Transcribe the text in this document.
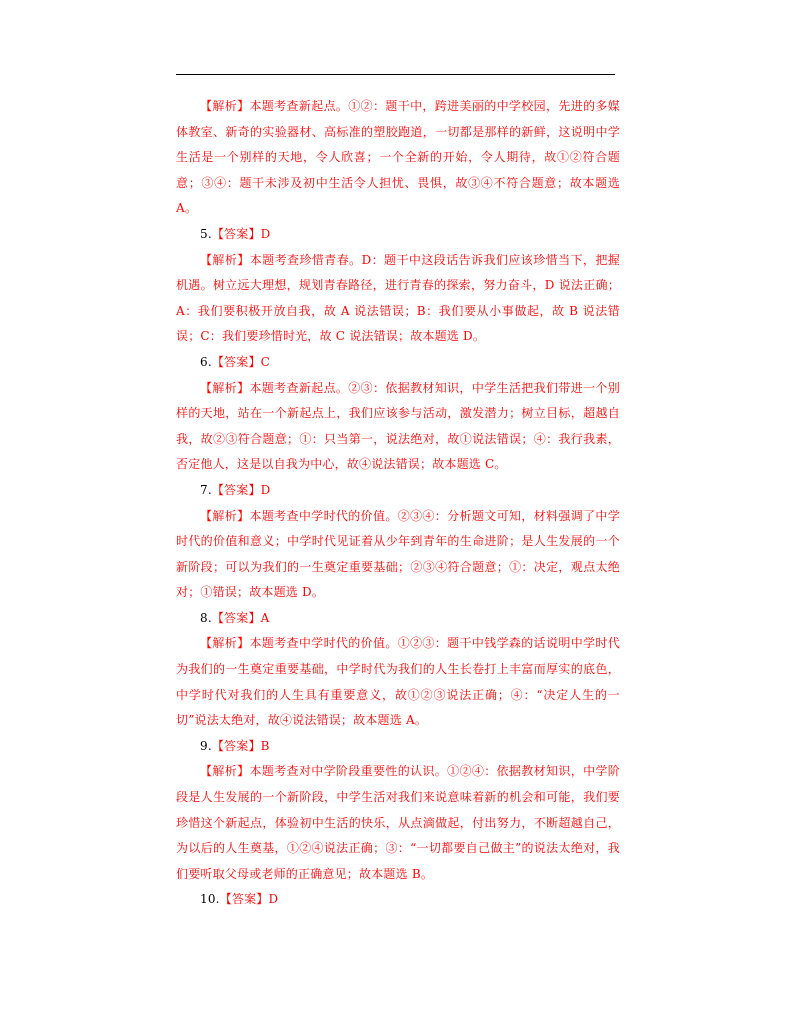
【解析】本题考查新起点。①②：题干中，跨进美丽的中学校园，先进的多媒体教室、新奇的实验器材、高标准的塑胶跑道，一切都是那样的新鲜，这说明中学生活是一个别样的天地，令人欣喜；一个全新的开始，令人期待，故①②符合题意；③④：题干未涉及初中生活令人担忧、畏惧，故③④不符合题意；故本题选 A。

5.【答案】D

【解析】本题考查珍惜青春。D：题干中这段话告诉我们应该珍惜当下，把握机遇。树立远大理想，规划青春路径，进行青春的探索，努力奋斗，D 说法正确；A：我们要积极开放自我，故 A 说法错误；B：我们要从小事做起，故 B 说法错误；C：我们要珍惜时光，故 C 说法错误；故本题选 D。

6.【答案】C

【解析】本题考查新起点。②③：依据教材知识，中学生活把我们带进一个别样的天地，站在一个新起点上，我们应该参与活动，激发潜力；树立目标，超越自我，故②③符合题意；①：只当第一，说法绝对，故①说法错误；④：我行我素，否定他人，这是以自我为中心，故④说法错误；故本题选 C。

7.【答案】D

【解析】本题考查中学时代的价值。②③④：分析题文可知，材料强调了中学时代的价值和意义；中学时代见证着从少年到青年的生命进阶；是人生发展的一个新阶段；可以为我们的一生奠定重要基础；②③④符合题意；①：决定，观点太绝对；①错误；故本题选 D。

8.【答案】A

【解析】本题考查中学时代的价值。①②③：题干中钱学森的话说明中学时代为我们的一生奠定重要基础，中学时代为我们的人生长卷打上丰富而厚实的底色，中学时代对我们的人生具有重要意义，故①②③说法正确；④：“决定人生的一切”说法太绝对，故④说法错误；故本题选 A。

9.【答案】B

【解析】本题考查对中学阶段重要性的认识。①②④：依据教材知识，中学阶段是人生发展的一个新阶段，中学生活对我们来说意味着新的机会和可能，我们要珍惜这个新起点，体验初中生活的快乐，从点滴做起，付出努力，不断超越自己，为以后的人生奠基，①②④说法正确；③：“一切都要自己做主”的说法太绝对，我们要听取父母或老师的正确意见；故本题选 B。

10.【答案】D
